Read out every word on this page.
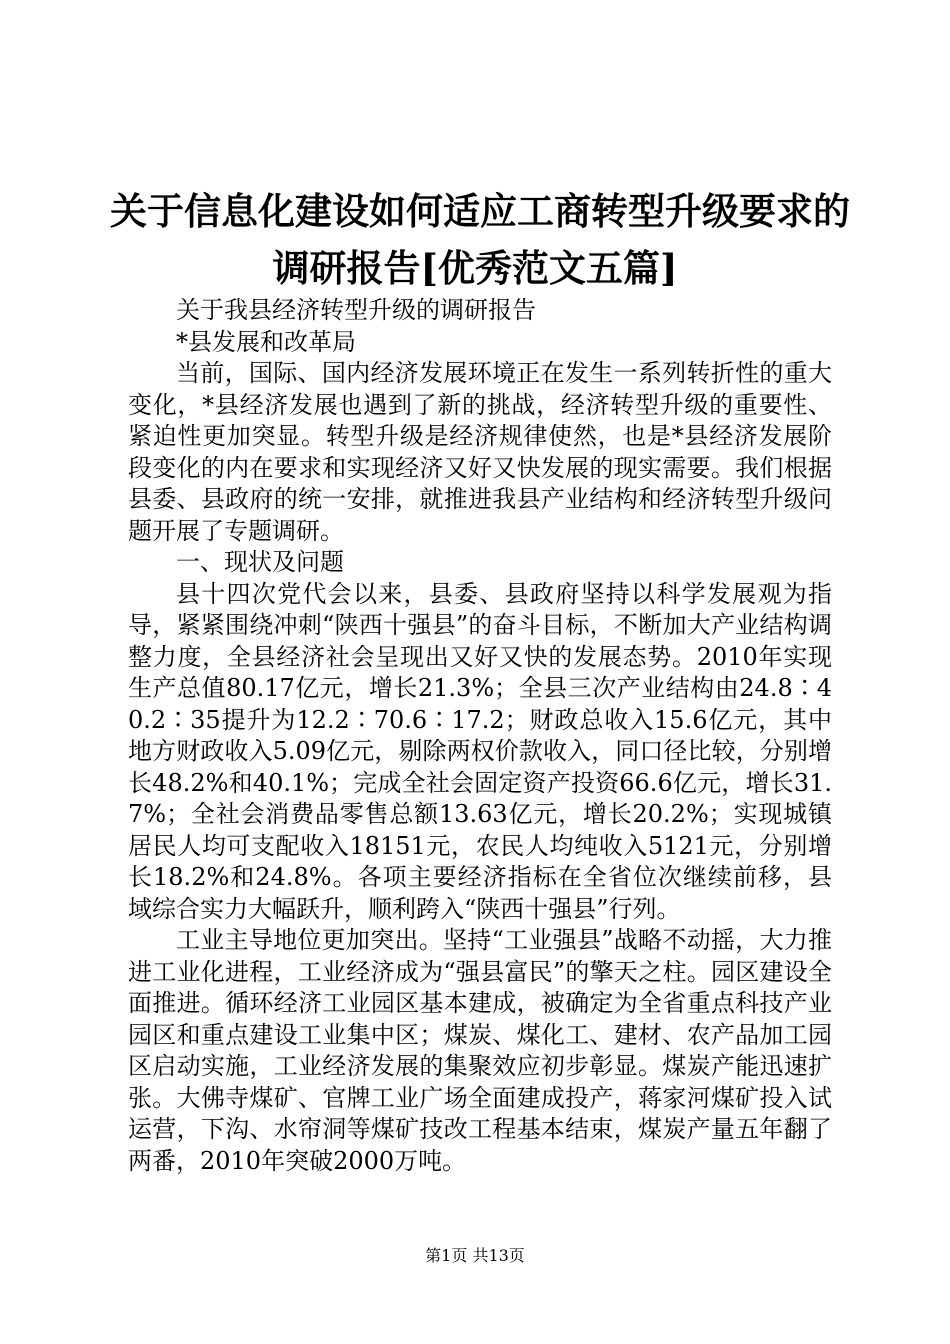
关于信息化建设如何适应工商转型升级要求的
调研报告[优秀范文五篇]

关于我县经济转型升级的调研报告

*县发展和改革局

当前，国际、国内经济发展环境正在发生一系列转折性的重大变化，*县经济发展也遇到了新的挑战，经济转型升级的重要性、紧迫性更加突显。转型升级是经济规律使然，也是*县经济发展阶段变化的内在要求和实现经济又好又快发展的现实需要。我们根据县委、县政府的统一安排，就推进我县产业结构和经济转型升级问题开展了专题调研。

一、现状及问题

县十四次党代会以来，县委、县政府坚持以科学发展观为指导，紧紧围绕冲刺“陕西十强县”的奋斗目标，不断加大产业结构调整力度，全县经济社会呈现出又好又快的发展态势。2010年实现生产总值80.17亿元，增长21.3%；全县三次产业结构由24.8∶40.2∶35提升为12.2∶70.6∶17.2；财政总收入15.6亿元，其中地方财政收入5.09亿元，剔除两权价款收入，同口径比较，分别增长48.2%和40.1%；完成全社会固定资产投资66.6亿元，增长31.7%；全社会消费品零售总额13.63亿元，增长20.2%；实现城镇居民人均可支配收入18151元，农民人均纯收入5121元，分别增长18.2%和24.8%。各项主要经济指标在全省位次继续前移，县域综合实力大幅跃升，顺利跨入“陕西十强县”行列。

工业主导地位更加突出。坚持“工业强县”战略不动摇，大力推进工业化进程，工业经济成为“强县富民”的擎天之柱。园区建设全面推进。循环经济工业园区基本建成，被确定为全省重点科技产业园区和重点建设工业集中区；煤炭、煤化工、建材、农产品加工园区启动实施，工业经济发展的集聚效应初步彰显。煤炭产能迅速扩张。大佛寺煤矿、官牌工业广场全面建成投产，蒋家河煤矿投入试运营，下沟、水帘洞等煤矿技改工程基本结束，煤炭产量五年翻了两番，2010年突破2000万吨。

第1页 共13页
